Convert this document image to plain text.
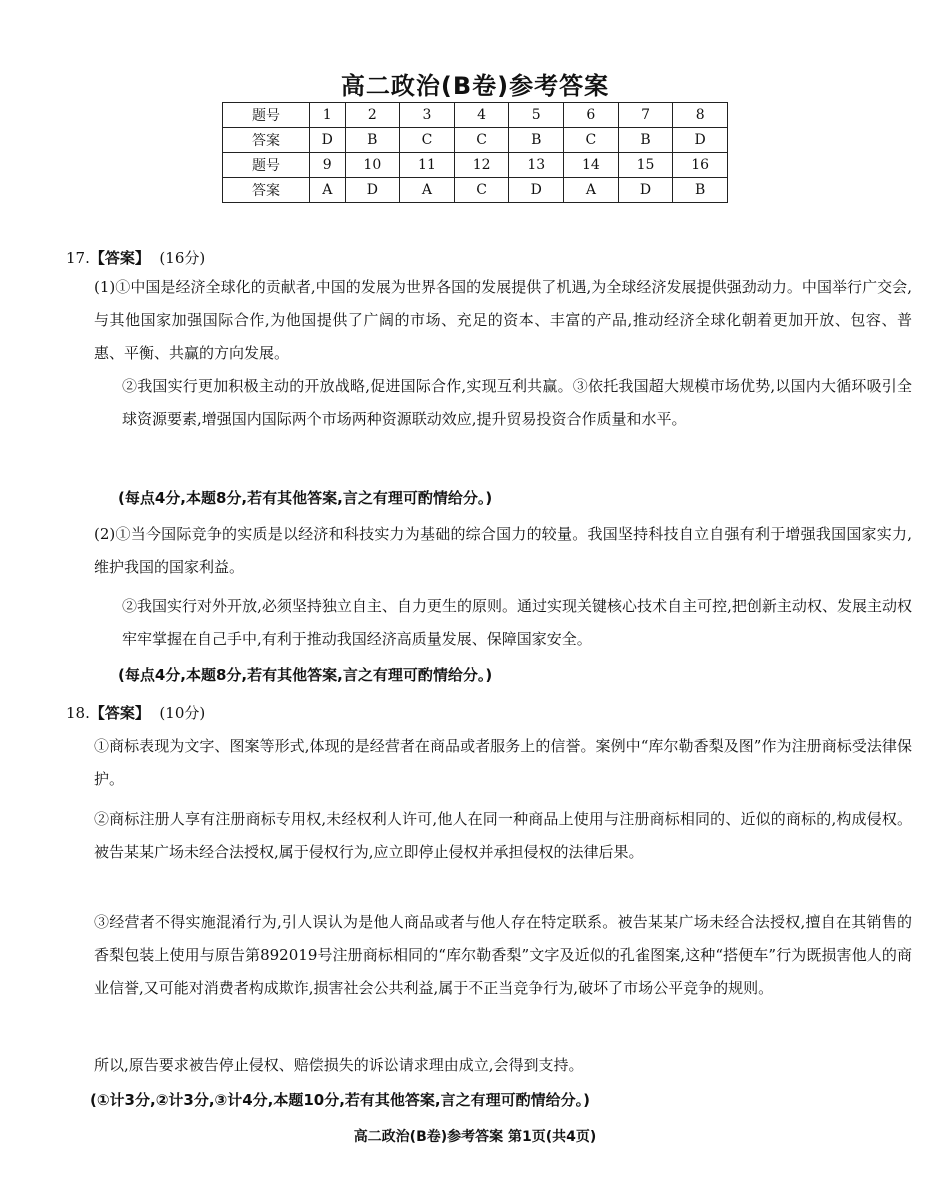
高二政治(B卷)参考答案
题号	1	2	3	4	5	6	7	8
答案	D	B	C	C	B	C	B	D
题号	9	10	11	12	13	14	15	16
答案	A	D	A	C	D	A	D	B
17.【答案】 (16分)
(1)①中国是经济全球化的贡献者,中国的发展为世界各国的发展提供了机遇,为全球经济发展提供强劲动力。中国举行广交会,与其他国家加强国际合作,为他国提供了广阔的市场、充足的资本、丰富的产品,推动经济全球化朝着更加开放、包容、普惠、平衡、共赢的方向发展。
②我国实行更加积极主动的开放战略,促进国际合作,实现互利共赢。③依托我国超大规模市场优势,以国内大循环吸引全球资源要素,增强国内国际两个市场两种资源联动效应,提升贸易投资合作质量和水平。
(每点4分,本题8分,若有其他答案,言之有理可酌情给分。)
(2)①当今国际竞争的实质是以经济和科技实力为基础的综合国力的较量。我国坚持科技自立自强有利于增强我国国家实力,维护我国的国家利益。
②我国实行对外开放,必须坚持独立自主、自力更生的原则。通过实现关键核心技术自主可控,把创新主动权、发展主动权牢牢掌握在自己手中,有利于推动我国经济高质量发展、保障国家安全。
(每点4分,本题8分,若有其他答案,言之有理可酌情给分。)
18.【答案】 (10分)
①商标表现为文字、图案等形式,体现的是经营者在商品或者服务上的信誉。案例中“库尔勒香梨及图”作为注册商标受法律保护。
②商标注册人享有注册商标专用权,未经权利人许可,他人在同一种商品上使用与注册商标相同的、近似的商标的,构成侵权。被告某某广场未经合法授权,属于侵权行为,应立即停止侵权并承担侵权的法律后果。
③经营者不得实施混淆行为,引人误认为是他人商品或者与他人存在特定联系。被告某某广场未经合法授权,擅自在其销售的香梨包装上使用与原告第892019号注册商标相同的“库尔勒香梨”文字及近似的孔雀图案,这种“搭便车”行为既损害他人的商业信誉,又可能对消费者构成欺诈,损害社会公共利益,属于不正当竞争行为,破坏了市场公平竞争的规则。
所以,原告要求被告停止侵权、赔偿损失的诉讼请求理由成立,会得到支持。
(①计3分,②计3分,③计4分,本题10分,若有其他答案,言之有理可酌情给分。)
高二政治(B卷)参考答案 第1页(共4页)
